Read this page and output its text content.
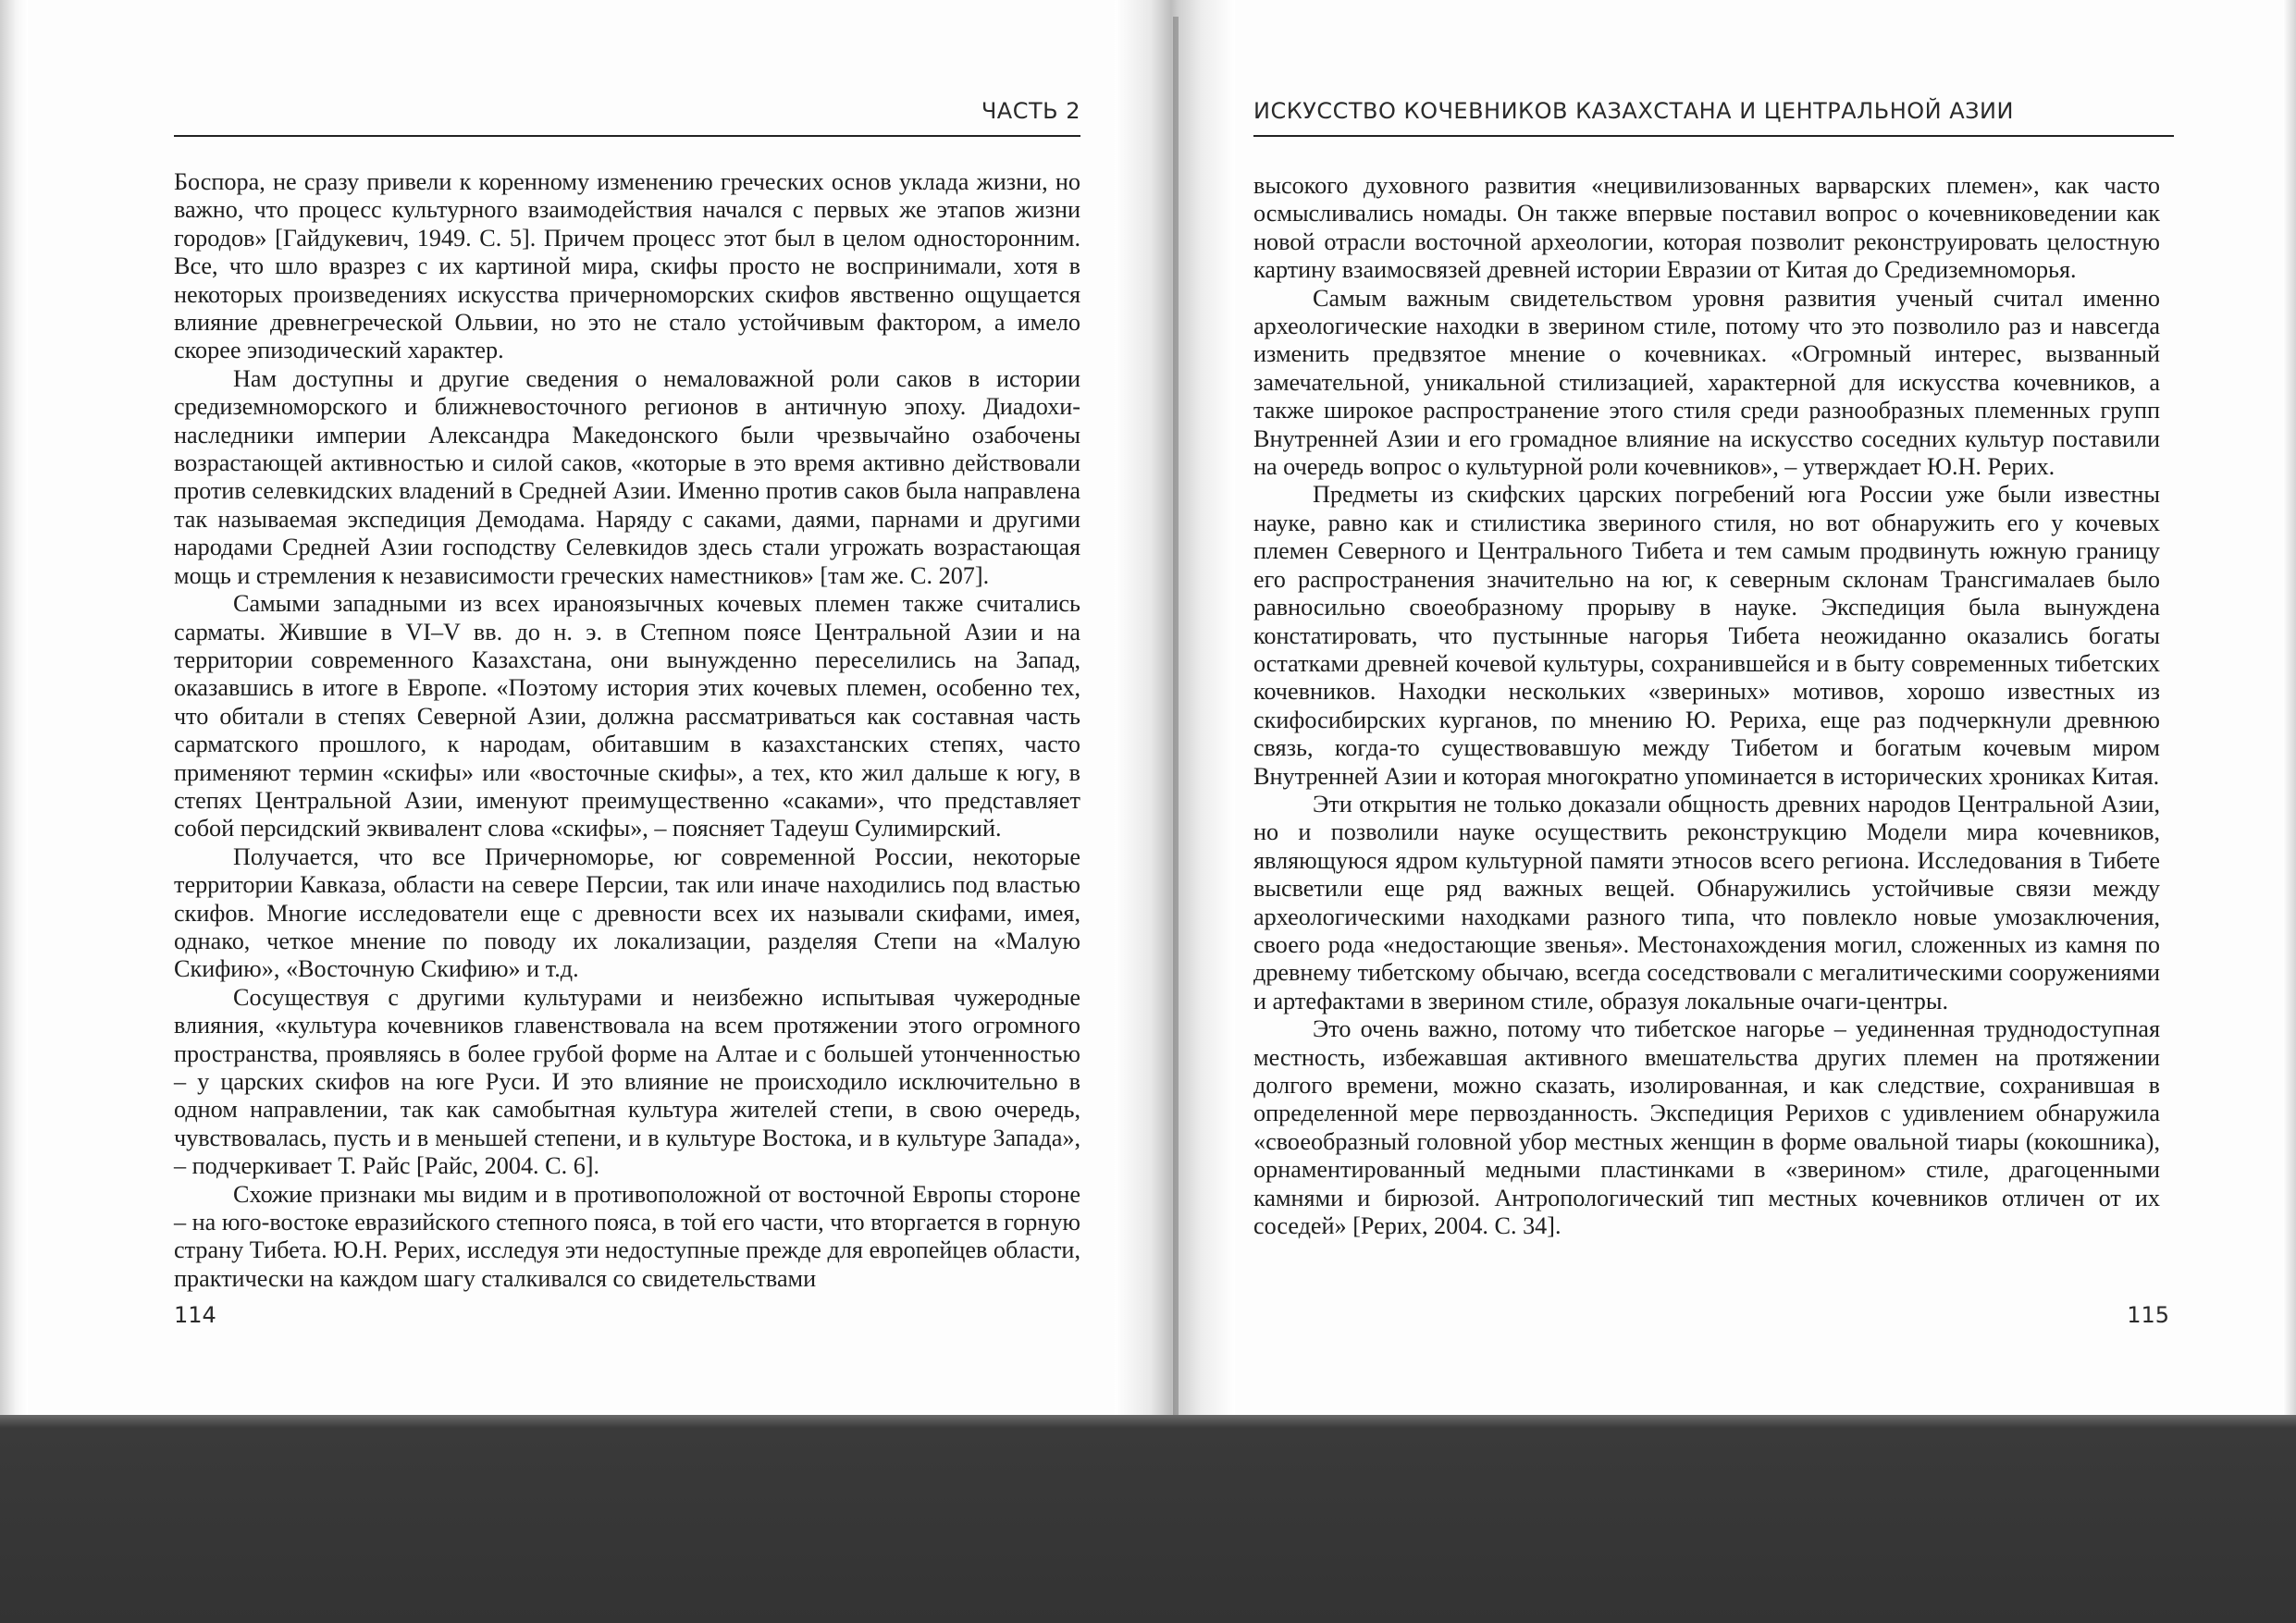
ЧАСТЬ 2

Боспора, не сразу привели к коренному изменению греческих основ уклада жизни, но важно, что процесс культурного взаимодействия начался с первых же этапов жизни городов» [Гайдукевич, 1949. С. 5]. Причем процесс этот был в целом односторонним. Все, что шло вразрез с их картиной мира, скифы просто не воспринимали, хотя в некоторых произведениях искусства причерноморских скифов явственно ощущается влияние древнегреческой Ольвии, но это не стало устойчивым фактором, а имело скорее эпизодический характер.

Нам доступны и другие сведения о немаловажной роли саков в истории средиземноморского и ближневосточного регионов в античную эпоху. Диадохи-наследники империи Александра Македонского были чрезвычайно озабочены возрастающей активностью и силой саков, «которые в это время активно действовали против селевкидских владений в Средней Азии. Именно против саков была направлена так называемая экспедиция Демодама. Наряду с саками, даями, парнами и другими народами Средней Азии господству Селевкидов здесь стали угрожать возрастающая мощь и стремления к независимости греческих наместников» [там же. С. 207].

Самыми западными из всех ираноязычных кочевых племен также считались сарматы. Жившие в VI–V вв. до н. э. в Степном поясе Центральной Азии и на территории современного Казахстана, они вынужденно переселились на Запад, оказавшись в итоге в Европе. «Поэтому история этих кочевых племен, особенно тех, что обитали в степях Северной Азии, должна рассматриваться как составная часть сарматского прошлого, к народам, обитавшим в казахстанских степях, часто применяют термин «скифы» или «восточные скифы», а тех, кто жил дальше к югу, в степях Центральной Азии, именуют преимущественно «саками», что представляет собой персидский эквивалент слова «скифы», – поясняет Тадеуш Сулимирский.

Получается, что все Причерноморье, юг современной России, некоторые территории Кавказа, области на севере Персии, так или иначе находились под властью скифов. Многие исследователи еще с древности всех их называли скифами, имея, однако, четкое мнение по поводу их локализации, разделяя Степи на «Малую Скифию», «Восточную Скифию» и т.д.

Сосуществуя с другими культурами и неизбежно испытывая чужеродные влияния, «культура кочевников главенствовала на всем протяжении этого огромного пространства, проявляясь в более грубой форме на Алтае и с большей утонченностью – у царских скифов на юге Руси. И это влияние не происходило исключительно в одном направлении, так как самобытная культура жителей степи, в свою очередь, чувствовалась, пусть и в меньшей степени, и в культуре Востока, и в культуре Запада», – подчеркивает Т. Райс [Райс, 2004. С. 6].

Схожие признаки мы видим и в противоположной от восточной Европы стороне – на юго-востоке евразийского степного пояса, в той его части, что вторгается в горную страну Тибета. Ю.Н. Рерих, исследуя эти недоступные прежде для европейцев области, практически на каждом шагу сталкивался со свидетельствами

114
ИСКУССТВО КОЧЕВНИКОВ КАЗАХСТАНА И ЦЕНТРАЛЬНОЙ АЗИИ

высокого духовного развития «нецивилизованных варварских племен», как часто осмысливались номады. Он также впервые поставил вопрос о кочевниковедении как новой отрасли восточной археологии, которая позволит реконструировать целостную картину взаимосвязей древней истории Евразии от Китая до Средиземноморья.

Самым важным свидетельством уровня развития ученый считал именно археологические находки в зверином стиле, потому что это позволило раз и навсегда изменить предвзятое мнение о кочевниках. «Огромный интерес, вызванный замечательной, уникальной стилизацией, характерной для искусства кочевников, а также широкое распространение этого стиля среди разнообразных племенных групп Внутренней Азии и его громадное влияние на искусство соседних культур поставили на очередь вопрос о культурной роли кочевников», – утверждает Ю.Н. Рерих.

Предметы из скифских царских погребений юга России уже были известны науке, равно как и стилистика звериного стиля, но вот обнаружить его у кочевых племен Северного и Центрального Тибета и тем самым продвинуть южную границу его распространения значительно на юг, к северным склонам Трансгималаев было равносильно своеобразному прорыву в науке. Экспедиция была вынуждена констатировать, что пустынные нагорья Тибета неожиданно оказались богаты остатками древней кочевой культуры, сохранившейся и в быту современных тибетских кочевников. Находки нескольких «звериных» мотивов, хорошо известных из скифосибирских курганов, по мнению Ю. Рериха, еще раз подчеркнули древнюю связь, когда-то существовавшую между Тибетом и богатым кочевым миром Внутренней Азии и которая многократно упоминается в исторических хрониках Китая.

Эти открытия не только доказали общность древних народов Центральной Азии, но и позволили науке осуществить реконструкцию Модели мира кочевников, являющуюся ядром культурной памяти этносов всего региона. Исследования в Тибете высветили еще ряд важных вещей. Обнаружились устойчивые связи между археологическими находками разного типа, что повлекло новые умозаключения, своего рода «недостающие звенья». Местонахождения могил, сложенных из камня по древнему тибетскому обычаю, всегда соседствовали с мегалитическими сооружениями и артефактами в зверином стиле, образуя локальные очаги-центры.

Это очень важно, потому что тибетское нагорье – уединенная труднодоступная местность, избежавшая активного вмешательства других племен на протяжении долгого времени, можно сказать, изолированная, и как следствие, сохранившая в определенной мере первозданность. Экспедиция Рерихов с удивлением обнаружила «своеобразный головной убор местных женщин в форме овальной тиары (кокошника), орнаментированный медными пластинками в «зверином» стиле, драгоценными камнями и бирюзой. Антропологический тип местных кочевников отличен от их соседей» [Рерих, 2004. С. 34].

115
